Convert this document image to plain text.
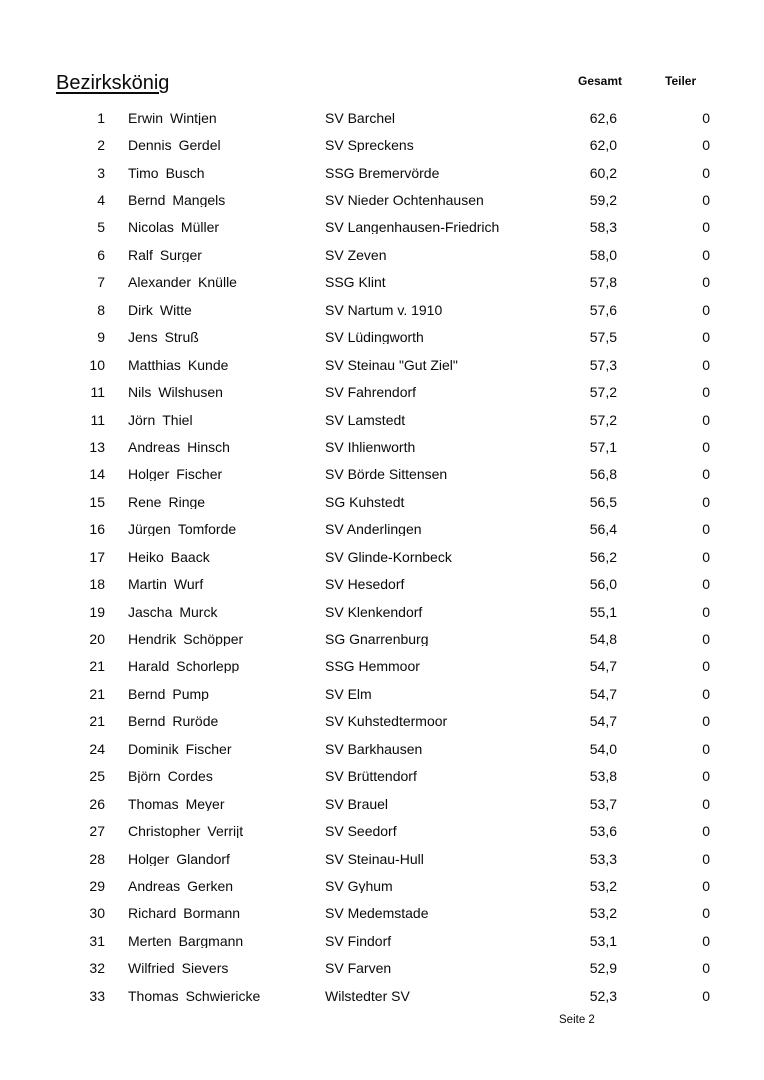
Bezirkskönig	Gesamt	Teiler
1 Erwin Wintjen	SV Barchel	62,6	0
2 Dennis Gerdel	SV Spreckens	62,0	0
3 Timo Busch	SSG Bremervörde	60,2	0
4 Bernd Mangels	SV Nieder Ochtenhausen	59,2	0
5 Nicolas Müller	SV Langenhausen-Friedrich	58,3	0
6 Ralf Surger	SV Zeven	58,0	0
7 Alexander Knülle	SSG Klint	57,8	0
8 Dirk Witte	SV Nartum v. 1910	57,6	0
9 Jens Struß	SV Lüdingworth	57,5	0
10 Matthias Kunde	SV Steinau "Gut Ziel"	57,3	0
11 Nils Wilshusen	SV Fahrendorf	57,2	0
11 Jörn Thiel	SV Lamstedt	57,2	0
13 Andreas Hinsch	SV Ihlienworth	57,1	0
14 Holger Fischer	SV Börde Sittensen	56,8	0
15 Rene Ringe	SG Kuhstedt	56,5	0
16 Jürgen Tomforde	SV Anderlingen	56,4	0
17 Heiko Baack	SV Glinde-Kornbeck	56,2	0
18 Martin Wurf	SV Hesedorf	56,0	0
19 Jascha Murck	SV Klenkendorf	55,1	0
20 Hendrik Schöpper	SG Gnarrenburg	54,8	0
21 Harald Schorlepp	SSG Hemmoor	54,7	0
21 Bernd Pump	SV Elm	54,7	0
21 Bernd Ruröde	SV Kuhstedtermoor	54,7	0
24 Dominik Fischer	SV Barkhausen	54,0	0
25 Björn Cordes	SV Brüttendorf	53,8	0
26 Thomas Meyer	SV Brauel	53,7	0
27 Christopher Verrijt	SV Seedorf	53,6	0
28 Holger Glandorf	SV Steinau-Hull	53,3	0
29 Andreas Gerken	SV Gyhum	53,2	0
30 Richard Bormann	SV Medemstade	53,2	0
31 Merten Bargmann	SV Findorf	53,1	0
32 Wilfried Sievers	SV Farven	52,9	0
33 Thomas Schwiericke	Wilstedter SV	52,3	0
Seite 2
